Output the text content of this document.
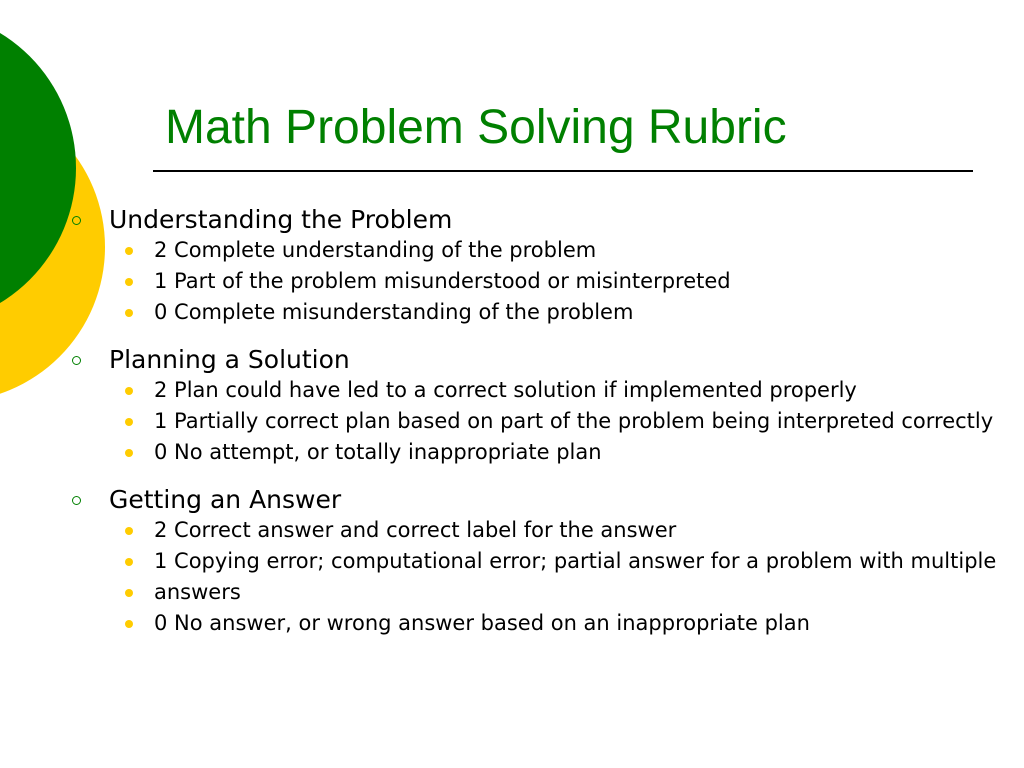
Math Problem Solving Rubric
Understanding the Problem
2 Complete understanding of the problem
1 Part of the problem misunderstood or misinterpreted
0 Complete misunderstanding of the problem
Planning a Solution
2 Plan could have led to a correct solution if implemented properly
1 Partially correct plan based on part of the problem being interpreted correctly
0 No attempt, or totally inappropriate plan
Getting an Answer
2 Correct answer and correct label for the answer
1 Copying error; computational error; partial answer for a problem with multiple
answers
0 No answer, or wrong answer based on an inappropriate plan
